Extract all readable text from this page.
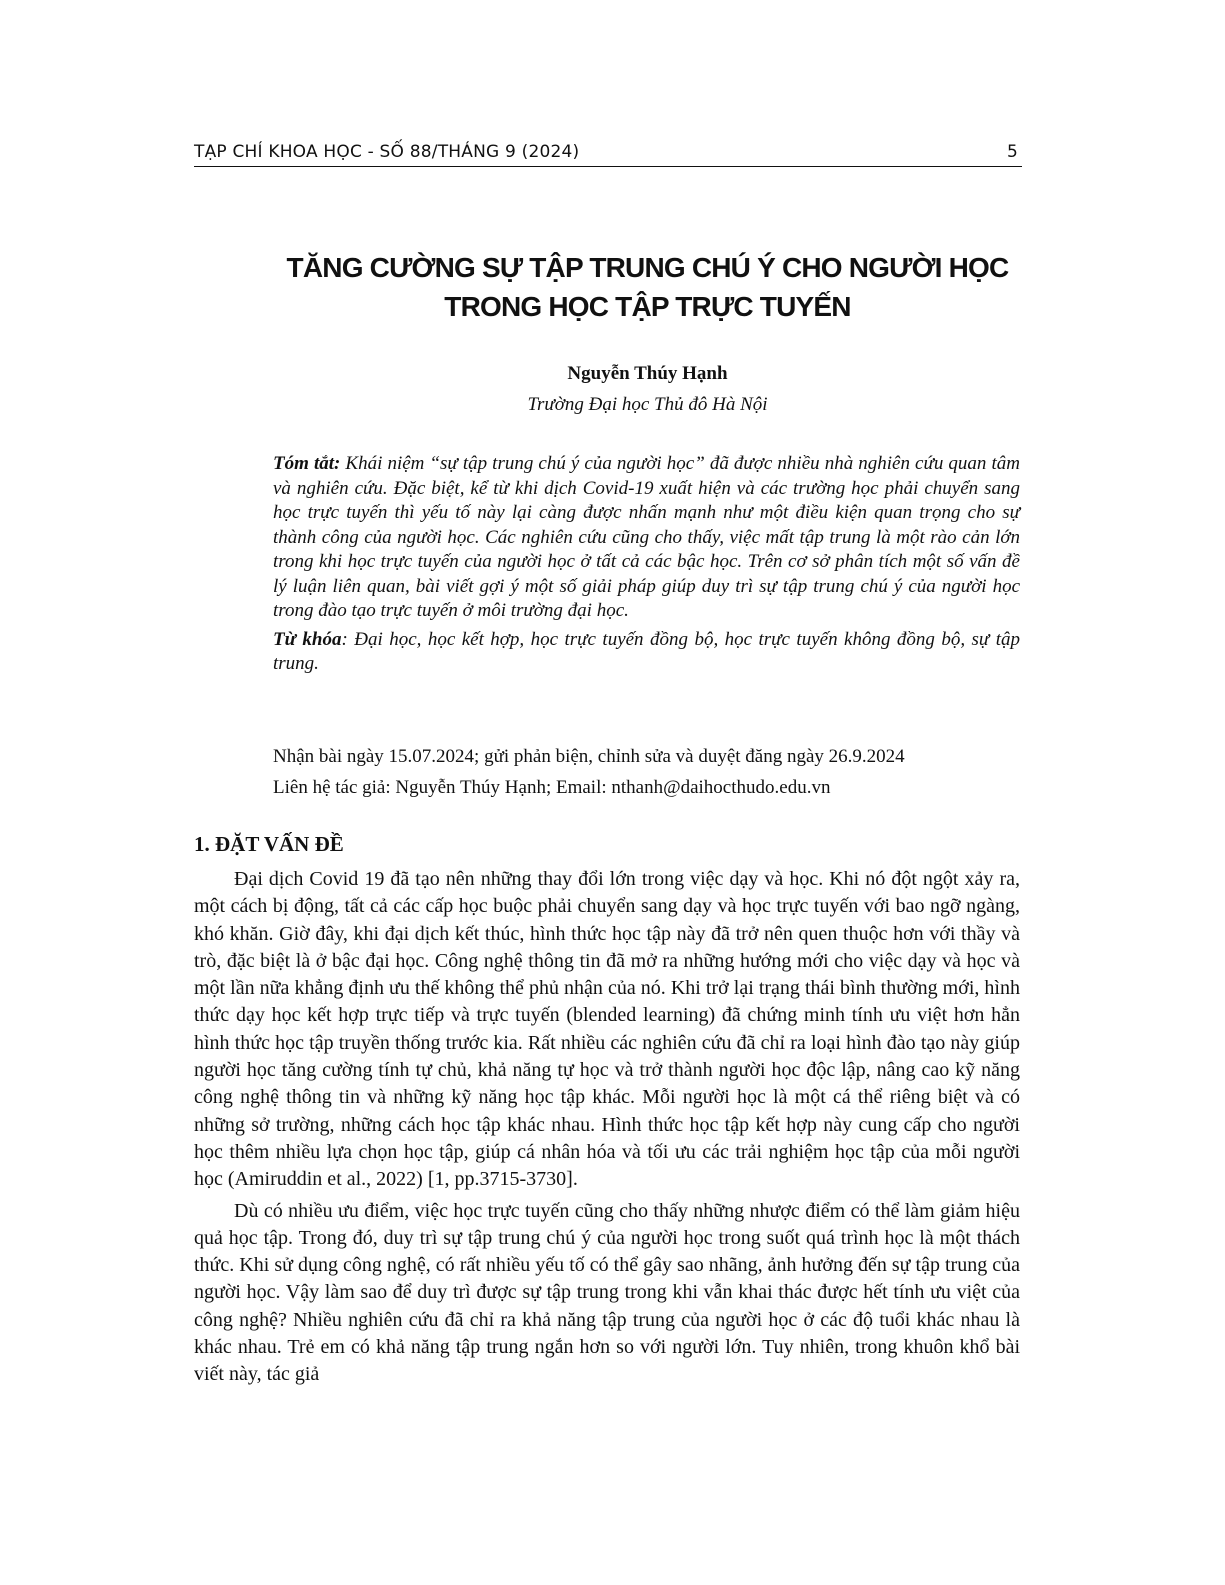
TẠP CHÍ KHOA HỌC - SỐ 88/THÁNG 9 (2024)	5
TĂNG CƯỜNG SỰ TẬP TRUNG CHÚ Ý CHO NGƯỜI HỌC
TRONG HỌC TẬP TRỰC TUYẾN
Nguyễn Thúy Hạnh
Trường Đại học Thủ đô Hà Nội

Tóm tắt: Khái niệm “sự tập trung chú ý của người học” đã được nhiều nhà nghiên cứu quan tâm và nghiên cứu. Đặc biệt, kể từ khi dịch Covid-19 xuất hiện và các trường học phải chuyển sang học trực tuyến thì yếu tố này lại càng được nhấn mạnh như một điều kiện quan trọng cho sự thành công của người học. Các nghiên cứu cũng cho thấy, việc mất tập trung là một rào cản lớn trong khi học trực tuyến của người học ở tất cả các bậc học. Trên cơ sở phân tích một số vấn đề lý luận liên quan, bài viết gợi ý một số giải pháp giúp duy trì sự tập trung chú ý của người học trong đào tạo trực tuyến ở môi trường đại học.

Từ khóa: Đại học, học kết hợp, học trực tuyến đồng bộ, học trực tuyến không đồng bộ, sự tập trung.

Nhận bài ngày 15.07.2024; gửi phản biện, chỉnh sửa và duyệt đăng ngày 26.9.2024
Liên hệ tác giả: Nguyễn Thúy Hạnh; Email: nthanh@daihocthudo.edu.vn
1. ĐẶT VẤN ĐỀ

Đại dịch Covid 19 đã tạo nên những thay đổi lớn trong việc dạy và học. Khi nó đột ngột xảy ra, một cách bị động, tất cả các cấp học buộc phải chuyển sang dạy và học trực tuyến với bao ngỡ ngàng, khó khăn. Giờ đây, khi đại dịch kết thúc, hình thức học tập này đã trở nên quen thuộc hơn với thầy và trò, đặc biệt là ở bậc đại học. Công nghệ thông tin đã mở ra những hướng mới cho việc dạy và học và một lần nữa khẳng định ưu thế không thể phủ nhận của nó. Khi trở lại trạng thái bình thường mới, hình thức dạy học kết hợp trực tiếp và trực tuyến (blended learning) đã chứng minh tính ưu việt hơn hẳn hình thức học tập truyền thống trước kia. Rất nhiều các nghiên cứu đã chỉ ra loại hình đào tạo này giúp người học tăng cường tính tự chủ, khả năng tự học và trở thành người học độc lập, nâng cao kỹ năng công nghệ thông tin và những kỹ năng học tập khác. Mỗi người học là một cá thể riêng biệt và có những sở trường, những cách học tập khác nhau. Hình thức học tập kết hợp này cung cấp cho người học thêm nhiều lựa chọn học tập, giúp cá nhân hóa và tối ưu các trải nghiệm học tập của mỗi người học (Amiruddin et al., 2022) [1, pp.3715-3730].

Dù có nhiều ưu điểm, việc học trực tuyến cũng cho thấy những nhược điểm có thể làm giảm hiệu quả học tập. Trong đó, duy trì sự tập trung chú ý của người học trong suốt quá trình học là một thách thức. Khi sử dụng công nghệ, có rất nhiều yếu tố có thể gây sao nhãng, ảnh hưởng đến sự tập trung của người học. Vậy làm sao để duy trì được sự tập trung trong khi vẫn khai thác được hết tính ưu việt của công nghệ? Nhiều nghiên cứu đã chỉ ra khả năng tập trung của người học ở các độ tuổi khác nhau là khác nhau. Trẻ em có khả năng tập trung ngắn hơn so với người lớn. Tuy nhiên, trong khuôn khổ bài viết này, tác giả
